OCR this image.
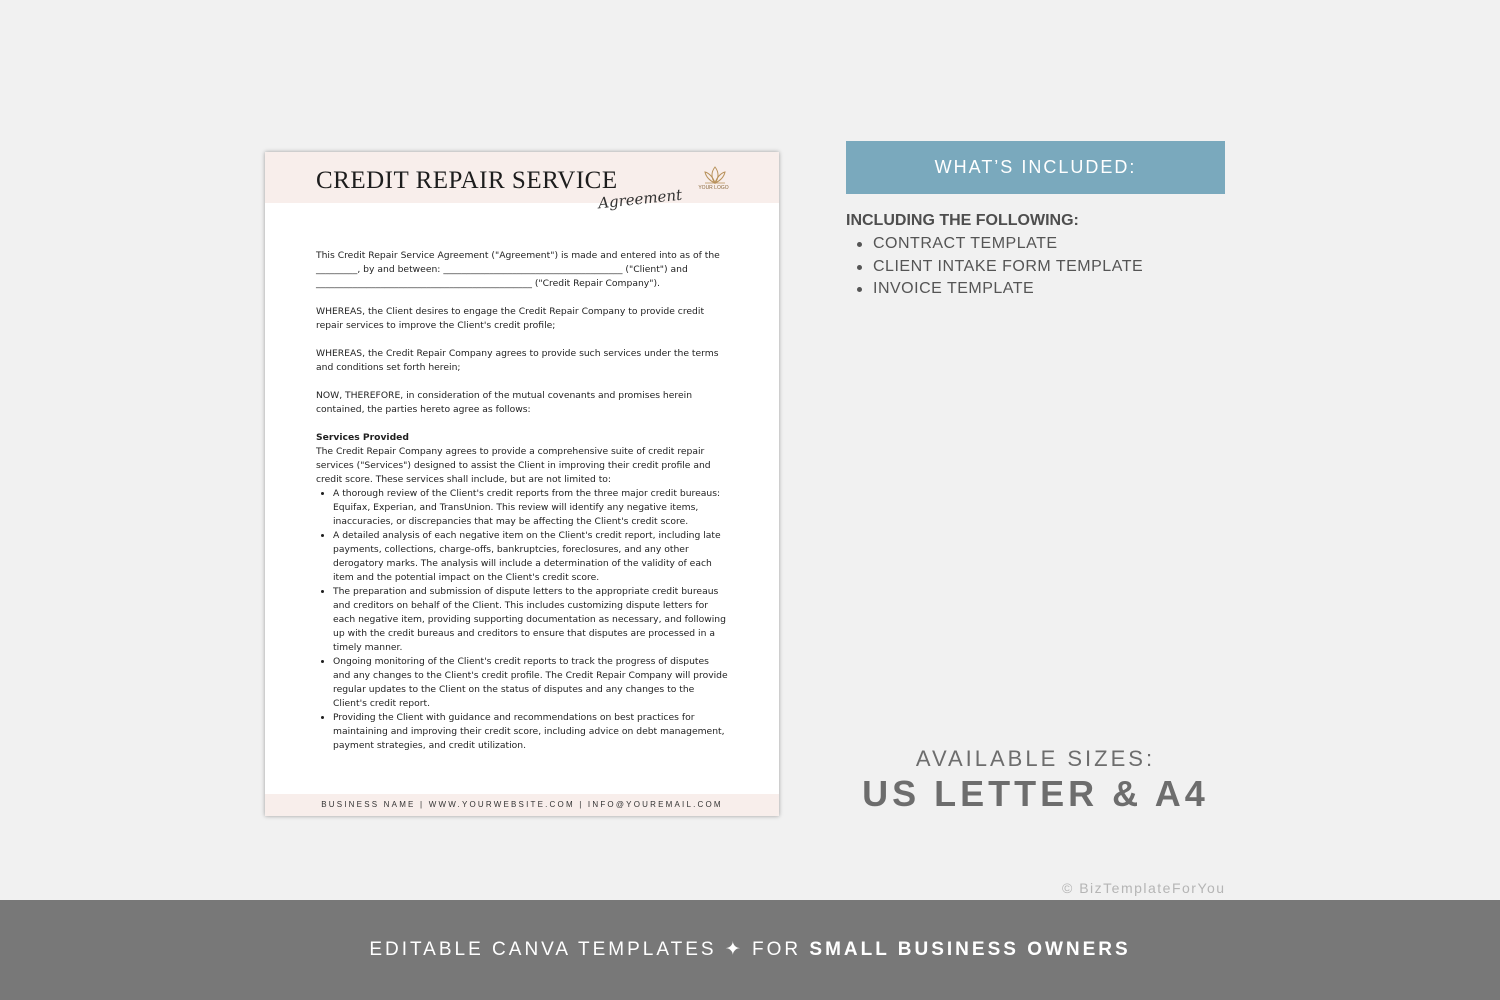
CREDIT REPAIR SERVICE
Agreement	YOUR LOGO

This Credit Repair Service Agreement ("Agreement") is made and entered into as of the _________, by and between: _______________________________________ ("Client") and _______________________________________________ ("Credit Repair Company").

WHEREAS, the Client desires to engage the Credit Repair Company to provide credit repair services to improve the Client's credit profile;

WHEREAS, the Credit Repair Company agrees to provide such services under the terms and conditions set forth herein;

NOW, THEREFORE, in consideration of the mutual covenants and promises herein contained, the parties hereto agree as follows:

Services Provided
The Credit Repair Company agrees to provide a comprehensive suite of credit repair services ("Services") designed to assist the Client in improving their credit profile and credit score. These services shall include, but are not limited to:
• A thorough review of the Client's credit reports from the three major credit bureaus: Equifax, Experian, and TransUnion. This review will identify any negative items, inaccuracies, or discrepancies that may be affecting the Client's credit score.
• A detailed analysis of each negative item on the Client's credit report, including late payments, collections, charge-offs, bankruptcies, foreclosures, and any other derogatory marks. The analysis will include a determination of the validity of each item and the potential impact on the Client's credit score.
• The preparation and submission of dispute letters to the appropriate credit bureaus and creditors on behalf of the Client. This includes customizing dispute letters for each negative item, providing supporting documentation as necessary, and following up with the credit bureaus and creditors to ensure that disputes are processed in a timely manner.
• Ongoing monitoring of the Client's credit reports to track the progress of disputes and any changes to the Client's credit profile. The Credit Repair Company will provide regular updates to the Client on the status of disputes and any changes to the Client's credit report.
• Providing the Client with guidance and recommendations on best practices for maintaining and improving their credit score, including advice on debt management, payment strategies, and credit utilization.
BUSINESS NAME | WWW.YOURWEBSITE.COM | INFO@YOUREMAIL.COM
WHAT’S INCLUDED:
INCLUDING THE FOLLOWING:
CONTRACT TEMPLATE
CLIENT INTAKE FORM TEMPLATE
INVOICE TEMPLATE
AVAILABLE SIZES:
US LETTER & A4
© BizTemplateForYou
EDITABLE CANVA TEMPLATES ✦ FOR SMALL BUSINESS OWNERS
